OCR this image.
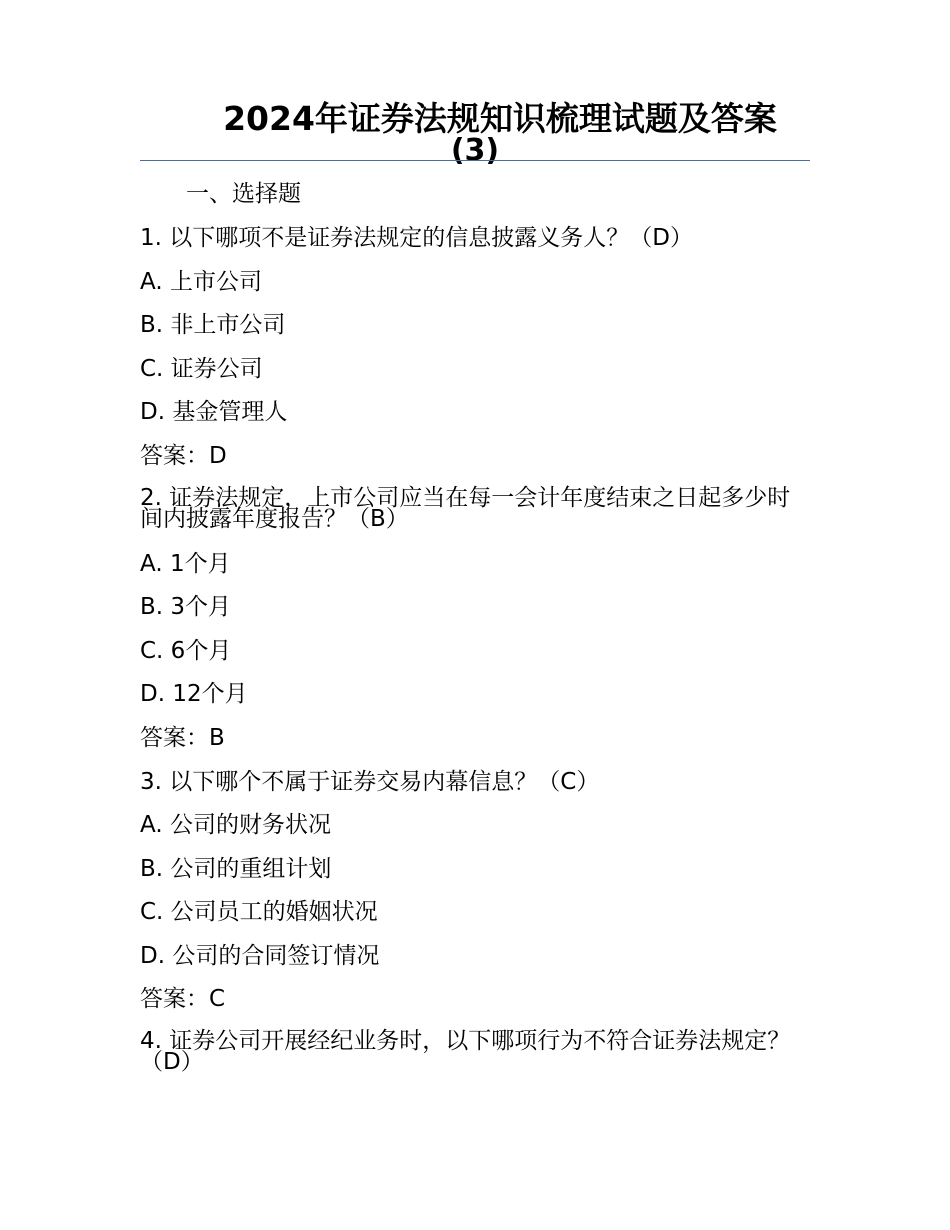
2024年证券法规知识梳理试题及答案
(3)
一、选择题
1. 以下哪项不是证券法规定的信息披露义务人？（D）
A. 上市公司
B. 非上市公司
C. 证券公司
D. 基金管理人
答案：D
2. 证券法规定，上市公司应当在每一会计年度结束之日起多少时间内披露年度报告？（B）
A. 1个月
B. 3个月
C. 6个月
D. 12个月
答案：B
3. 以下哪个不属于证券交易内幕信息？（C）
A. 公司的财务状况
B. 公司的重组计划
C. 公司员工的婚姻状况
D. 公司的合同签订情况
答案：C
4. 证券公司开展经纪业务时，以下哪项行为不符合证券法规定？（D）
